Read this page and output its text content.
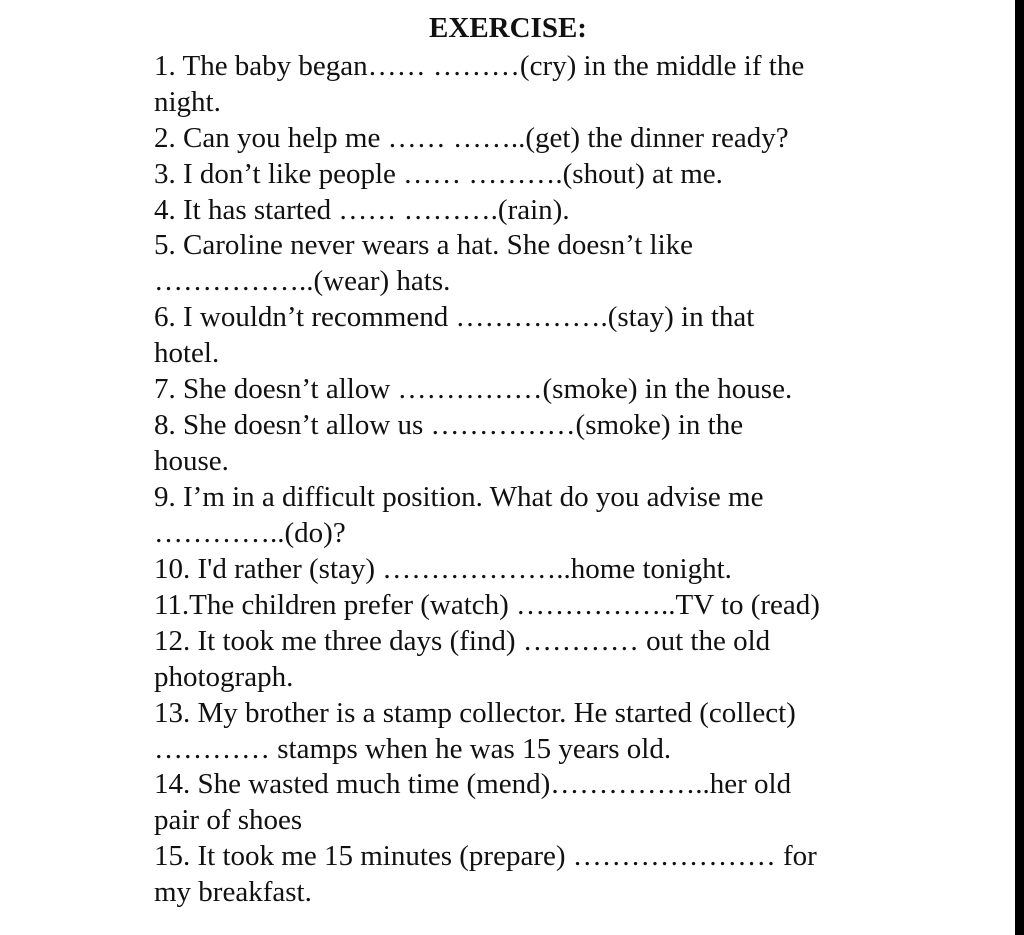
EXERCISE:

1. The baby began…… ………(cry) in the middle if the

night.

2. Can you help me …… ……..(get) the dinner ready?

3. I don’t like people …… ……….(shout) at me.

4. It has started …… ……….(rain).

5. Caroline never wears a hat. She doesn’t like

……………..(wear) hats.

6. I wouldn’t recommend …………….(stay) in that

hotel.

7. She doesn’t allow ……………(smoke) in the house.

8. She doesn’t allow us ……………(smoke) in the

house.

9. I’m in a difficult position. What do you advise me

…………..(do)?

10. I'd rather (stay) ………………..home tonight.

11.The children prefer (watch) ……………..TV to (read)

12. It took me three days (find) ………… out the old

photograph.

13. My brother is a stamp collector. He started (collect)

………… stamps when he was 15 years old.

14. She wasted much time (mend)……………..her old

pair of shoes

15. It took me 15 minutes (prepare) ………………… for

my breakfast.
